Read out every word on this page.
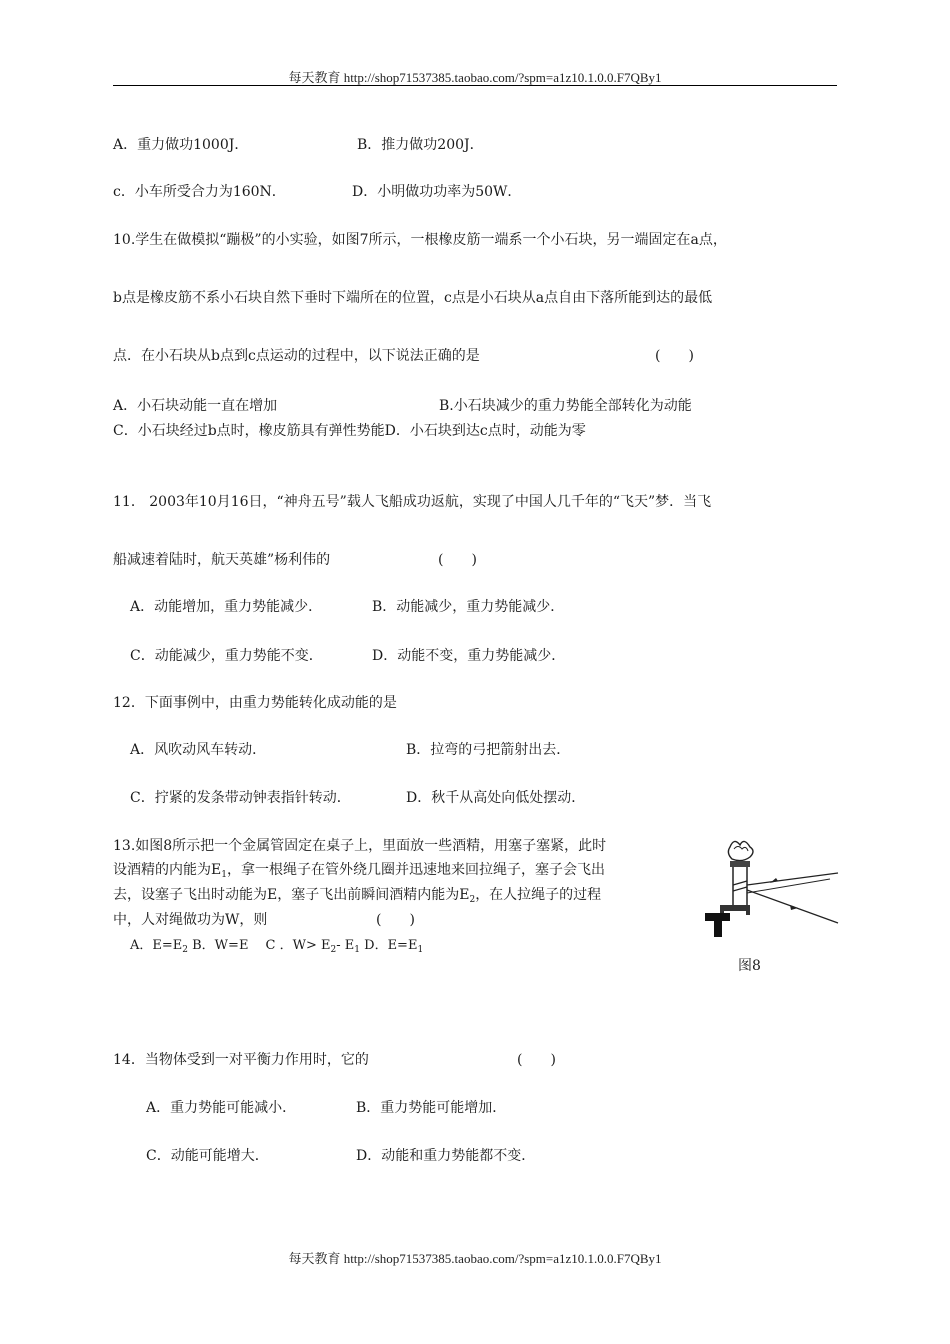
每天教育 http://shop71537385.taobao.com/?spm=a1z10.1.0.0.F7QBy1
A．重力做功1000J．	B．推力做功200J．
c．小车所受合力为160N．	D．小明做功功率为50W．
10.学生在做模拟“蹦极”的小实验，如图7所示，一根橡皮筋一端系一个小石块，另一端固定在a点，
b点是橡皮筋不系小石块自然下垂时下端所在的位置，c点是小石块从a点自由下落所能到达的最低
点．在小石块从b点到c点运动的过程中，以下说法正确的是	(　　)
A．小石块动能一直在增加	B.小石块减少的重力势能全部转化为动能
C．小石块经过b点时，橡皮筋具有弹性势能D．小石块到达c点时，动能为零
11． 2003年10月16日，“神舟五号”载人飞船成功返航，实现了中国人几千年的“飞天”梦．当飞
船减速着陆时，航天英雄”杨利伟的	(　　)
A．动能增加，重力势能减少．	B．动能减少，重力势能减少．
C．动能减少，重力势能不变．	D．动能不变，重力势能减少．
12．下面事例中，由重力势能转化成动能的是
A．风吹动风车转动．	B．拉弯的弓把箭射出去．
C．拧紧的发条带动钟表指针转动．	D．秋千从高处向低处摆动．
13.如图8所示把一个金属管固定在桌子上，里面放一些酒精，用塞子塞紧，此时
设酒精的内能为$E_1$，拿一根绳子在管外绕几圈并迅速地来回拉绳子，塞子会飞出
去，设塞子飞出时动能为E，塞子飞出前瞬间酒精内能为$E_2$，在人拉绳子的过程
中，人对绳做功为W，则	(　　)
A．$E=E_2$ B．W=E　 C ．$W> E_2-$ $E_1$ D．$E=E_1$
图8
14．当物体受到一对平衡力作用时，它的	(　　)
A．重力势能可能减小．	B．重力势能可能增加．
C．动能可能增大．	D．动能和重力势能都不变．
每天教育 http://shop71537385.taobao.com/?spm=a1z10.1.0.0.F7QBy1
